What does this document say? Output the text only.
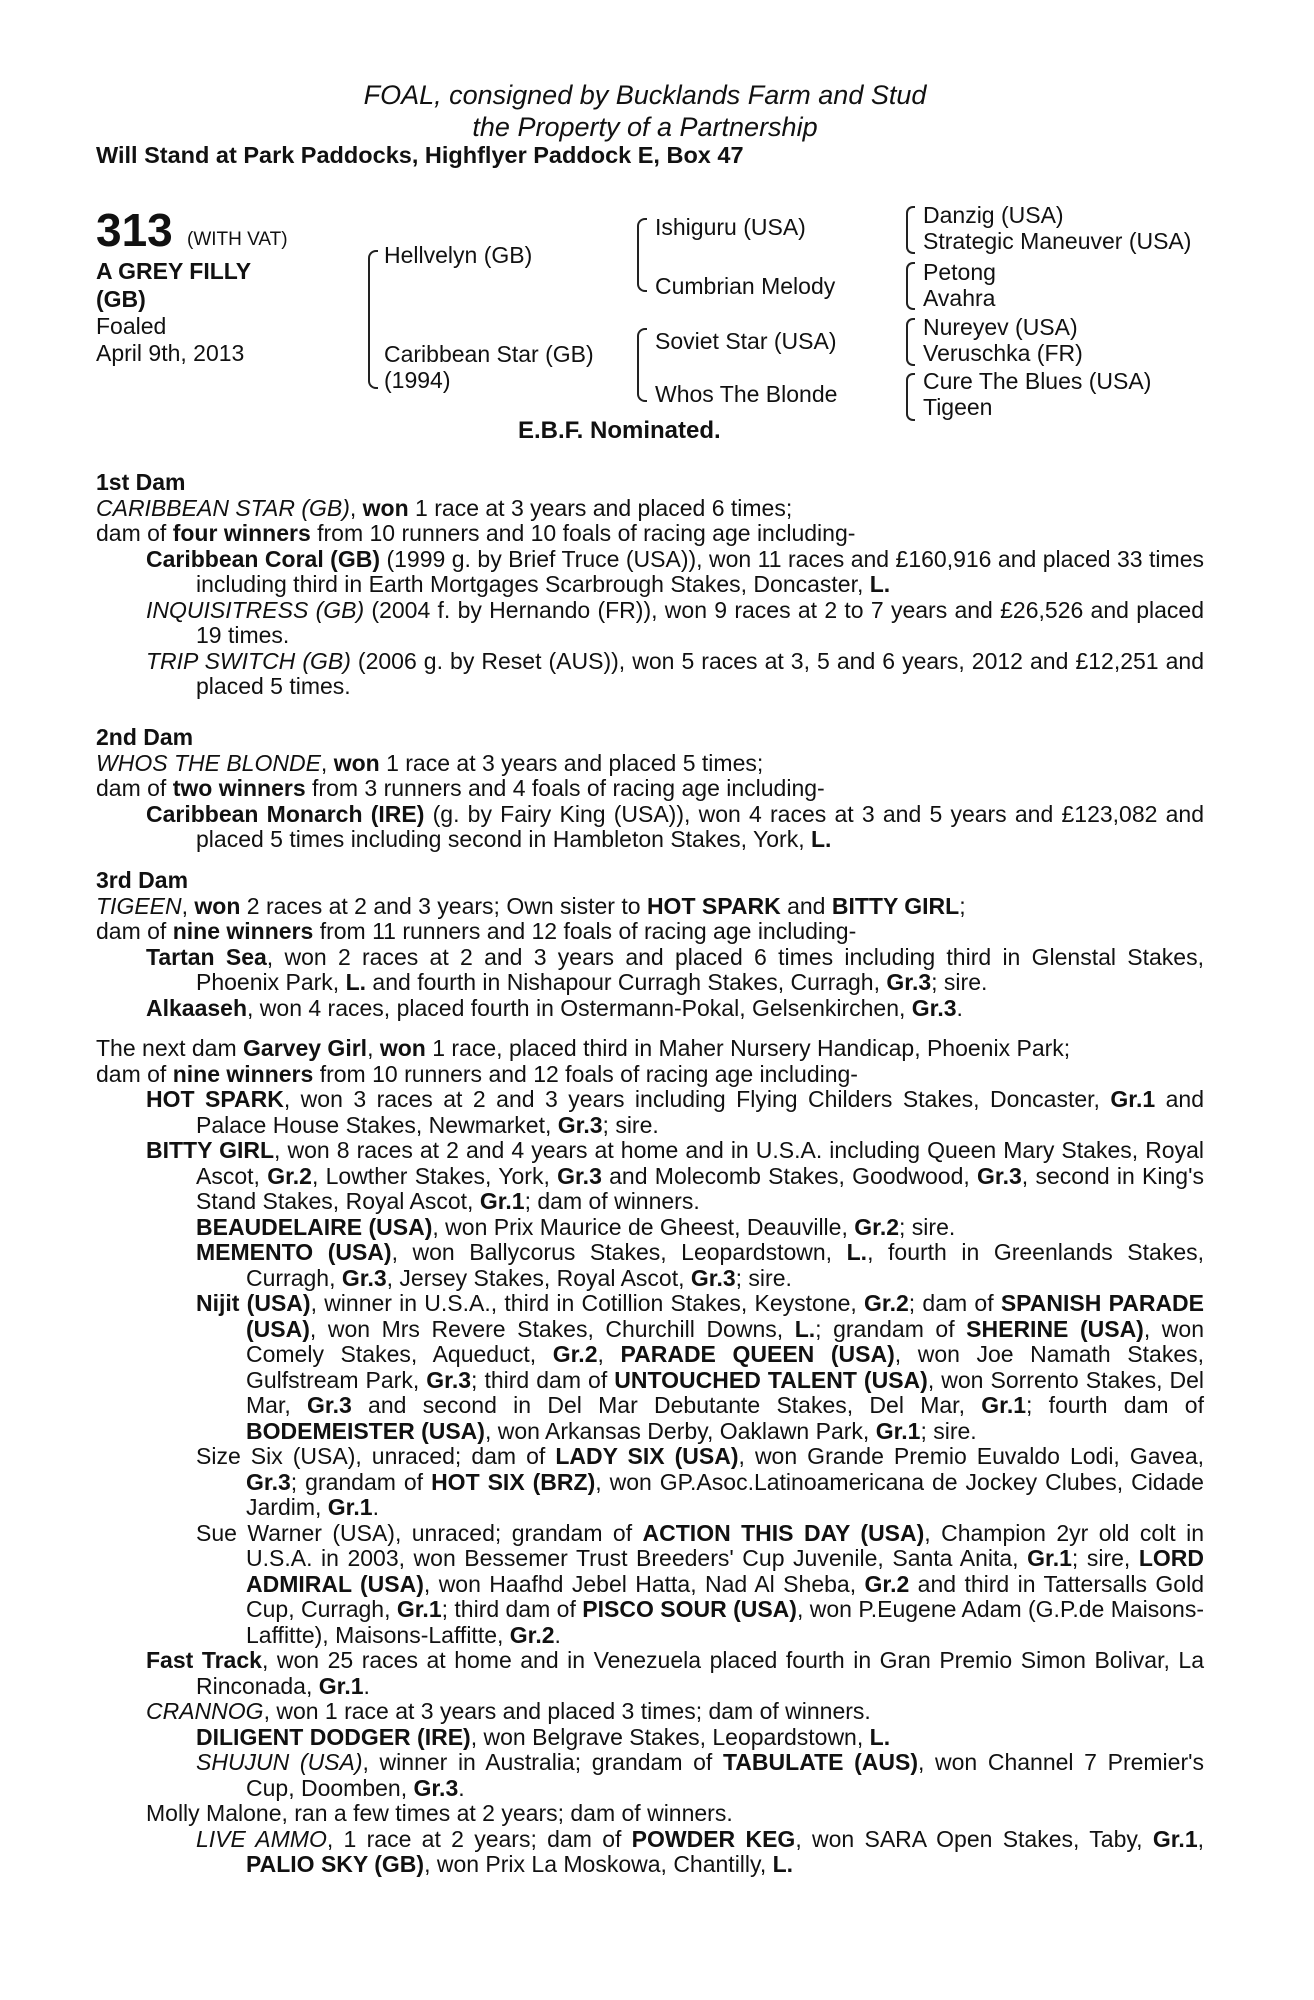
FOAL, consigned by Bucklands Farm and Stud
the Property of a Partnership
Will Stand at Park Paddocks, Highflyer Paddock E, Box 47
313 (WITH VAT)
A GREY FILLY
(GB)
Foaled
April 9th, 2013
Hellvelyn (GB)
Caribbean Star (GB)
(1994)
Ishiguru (USA)
Cumbrian Melody
Soviet Star (USA)
Whos The Blonde
Danzig (USA)
Strategic Maneuver (USA)
Petong
Avahra
Nureyev (USA)
Veruschka (FR)
Cure The Blues (USA)
Tigeen
E.B.F. Nominated.

1st Dam

CARIBBEAN STAR (GB), won 1 race at 3 years and placed 6 times;

dam of four winners from 10 runners and 10 foals of racing age including-

Caribbean Coral (GB) (1999 g. by Brief Truce (USA)), won 11 races and £160,916 and placed 33 times including third in Earth Mortgages Scarbrough Stakes, Doncaster, L.

INQUISITRESS (GB) (2004 f. by Hernando (FR)), won 9 races at 2 to 7 years and £26,526 and placed 19 times.

TRIP SWITCH (GB) (2006 g. by Reset (AUS)), won 5 races at 3, 5 and 6 years, 2012 and £12,251 and placed 5 times.

2nd Dam

WHOS THE BLONDE, won 1 race at 3 years and placed 5 times;

dam of two winners from 3 runners and 4 foals of racing age including-

Caribbean Monarch (IRE) (g. by Fairy King (USA)), won 4 races at 3 and 5 years and £123,082 and placed 5 times including second in Hambleton Stakes, York, L.

3rd Dam

TIGEEN, won 2 races at 2 and 3 years; Own sister to HOT SPARK and BITTY GIRL;

dam of nine winners from 11 runners and 12 foals of racing age including-

Tartan Sea, won 2 races at 2 and 3 years and placed 6 times including third in Glenstal Stakes, Phoenix Park, L. and fourth in Nishapour Curragh Stakes, Curragh, Gr.3; sire.

Alkaaseh, won 4 races, placed fourth in Ostermann-Pokal, Gelsenkirchen, Gr.3.

The next dam Garvey Girl, won 1 race, placed third in Maher Nursery Handicap, Phoenix Park;

dam of nine winners from 10 runners and 12 foals of racing age including-

HOT SPARK, won 3 races at 2 and 3 years including Flying Childers Stakes, Doncaster, Gr.1 and Palace House Stakes, Newmarket, Gr.3; sire.

BITTY GIRL, won 8 races at 2 and 4 years at home and in U.S.A. including Queen Mary Stakes, Royal Ascot, Gr.2, Lowther Stakes, York, Gr.3 and Molecomb Stakes, Goodwood, Gr.3, second in King's Stand Stakes, Royal Ascot, Gr.1; dam of winners.

BEAUDELAIRE (USA), won Prix Maurice de Gheest, Deauville, Gr.2; sire.

MEMENTO (USA), won Ballycorus Stakes, Leopardstown, L., fourth in Greenlands Stakes, Curragh, Gr.3, Jersey Stakes, Royal Ascot, Gr.3; sire.

Nijit (USA), winner in U.S.A., third in Cotillion Stakes, Keystone, Gr.2; dam of SPANISH PARADE (USA), won Mrs Revere Stakes, Churchill Downs, L.; grandam of SHERINE (USA), won Comely Stakes, Aqueduct, Gr.2, PARADE QUEEN (USA), won Joe Namath Stakes, Gulfstream Park, Gr.3; third dam of UNTOUCHED TALENT (USA), won Sorrento Stakes, Del Mar, Gr.3 and second in Del Mar Debutante Stakes, Del Mar, Gr.1; fourth dam of BODEMEISTER (USA), won Arkansas Derby, Oaklawn Park, Gr.1; sire.

Size Six (USA), unraced; dam of LADY SIX (USA), won Grande Premio Euvaldo Lodi, Gavea, Gr.3; grandam of HOT SIX (BRZ), won GP.Asoc.Latinoamericana de Jockey Clubes, Cidade Jardim, Gr.1.

Sue Warner (USA), unraced; grandam of ACTION THIS DAY (USA), Champion 2yr old colt in U.S.A. in 2003, won Bessemer Trust Breeders' Cup Juvenile, Santa Anita, Gr.1; sire, LORD ADMIRAL (USA), won Haafhd Jebel Hatta, Nad Al Sheba, Gr.2 and third in Tattersalls Gold Cup, Curragh, Gr.1; third dam of PISCO SOUR (USA), won P.Eugene Adam (G.P.de Maisons-Laffitte), Maisons-Laffitte, Gr.2.

Fast Track, won 25 races at home and in Venezuela placed fourth in Gran Premio Simon Bolivar, La Rinconada, Gr.1.

CRANNOG, won 1 race at 3 years and placed 3 times; dam of winners.

DILIGENT DODGER (IRE), won Belgrave Stakes, Leopardstown, L.

SHUJUN (USA), winner in Australia; grandam of TABULATE (AUS), won Channel 7 Premier's Cup, Doomben, Gr.3.

Molly Malone, ran a few times at 2 years; dam of winners.

LIVE AMMO, 1 race at 2 years; dam of POWDER KEG, won SARA Open Stakes, Taby, Gr.1, PALIO SKY (GB), won Prix La Moskowa, Chantilly, L.
